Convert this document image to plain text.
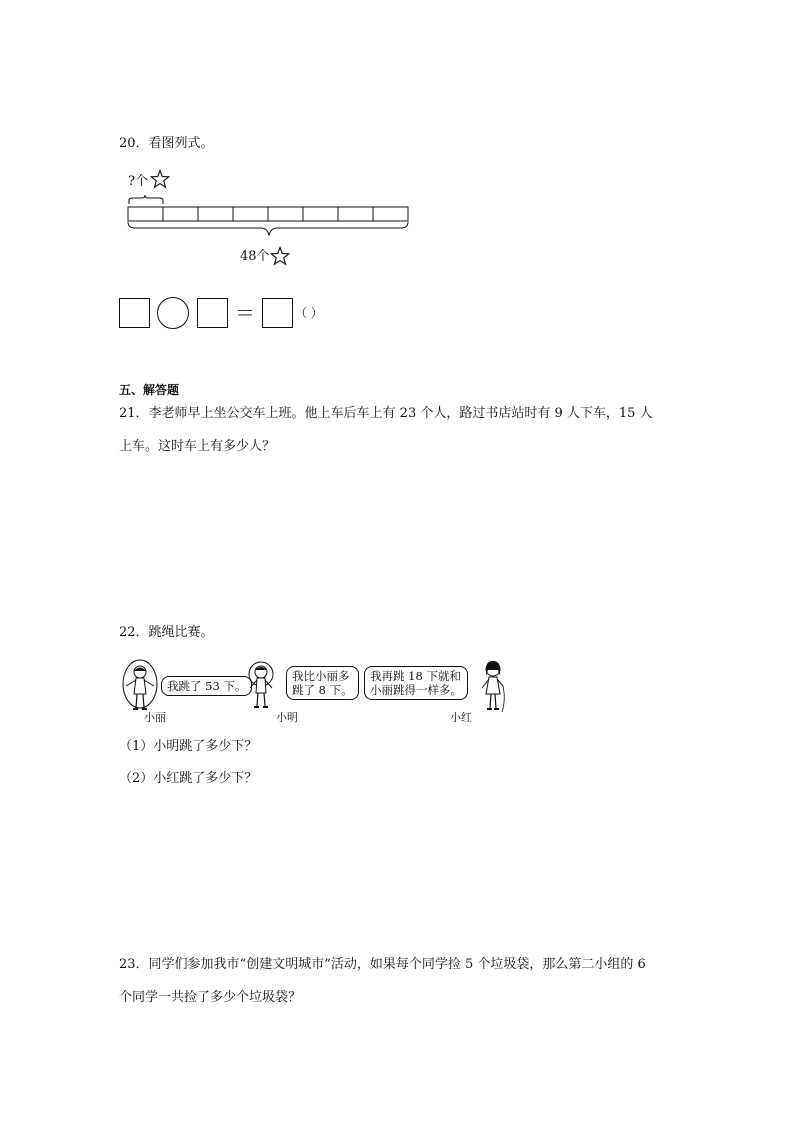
20．看图列式。
?个
48个
＝	（ ）
五、解答题
21．李老师早上坐公交车上班。他上车后车上有 23 个人，路过书店站时有 9 人下车，15 人
上车。这时车上有多少人？
22．跳绳比赛。
我跳了 53 下。
小丽
我比小丽多
跳了 8 下。
小明
我再跳 18 下就和
小丽跳得一样多。
小红
（1）小明跳了多少下？
（2）小红跳了多少下？
23．同学们参加我市“创建文明城市”活动，如果每个同学捡 5 个垃圾袋，那么第二小组的 6
个同学一共捡了多少个垃圾袋？
